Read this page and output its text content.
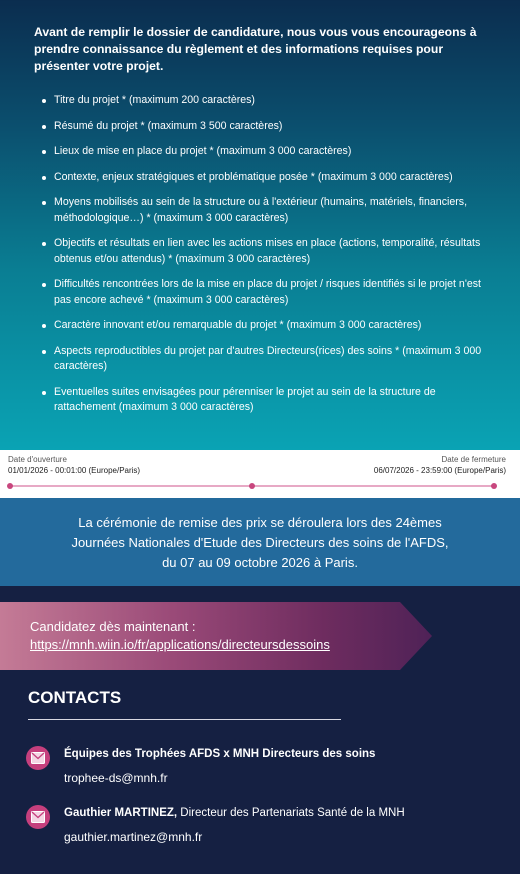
Avant de remplir le dossier de candidature, nous vous vous encourageons à prendre connaissance du règlement et des informations requises pour présenter votre projet.

Titre du projet * (maximum 200 caractères)
Résumé du projet * (maximum 3 500 caractères)
Lieux de mise en place du projet * (maximum 3 000 caractères)
Contexte, enjeux stratégiques et problématique posée * (maximum 3 000 caractères)
Moyens mobilisés au sein de la structure ou à l'extérieur (humains, matériels, financiers, méthodologique…) * (maximum 3 000 caractères)
Objectifs et résultats en lien avec les actions mises en place (actions, temporalité, résultats obtenus et/ou attendus) * (maximum 3 000 caractères)
Difficultés rencontrées lors de la mise en place du projet / risques identifiés si le projet n'est pas encore achevé * (maximum 3 000 caractères)
Caractère innovant et/ou remarquable du projet * (maximum 3 000 caractères)
Aspects reproductibles du projet par d'autres Directeurs(rices) des soins * (maximum 3 000 caractères)
Eventuelles suites envisagées pour pérenniser le projet au sein de la structure de rattachement (maximum 3 000 caractères)
Date d'ouverture
01/01/2026 - 00:01:00 (Europe/Paris)
Date de fermeture
06/07/2026 - 23:59:00 (Europe/Paris)
La cérémonie de remise des prix se déroulera lors des 24èmes
Journées Nationales d'Etude des Directeurs des soins de l'AFDS,
du 07 au 09 octobre 2026 à Paris.
Candidatez dès maintenant :
https://mnh.wiin.io/fr/applications/directeursdessoins
CONTACTS
Équipes des Trophées AFDS x MNH Directeurs des soins
trophee-ds@mnh.fr
Gauthier MARTINEZ, Directeur des Partenariats Santé de la MNH
gauthier.martinez@mnh.fr
